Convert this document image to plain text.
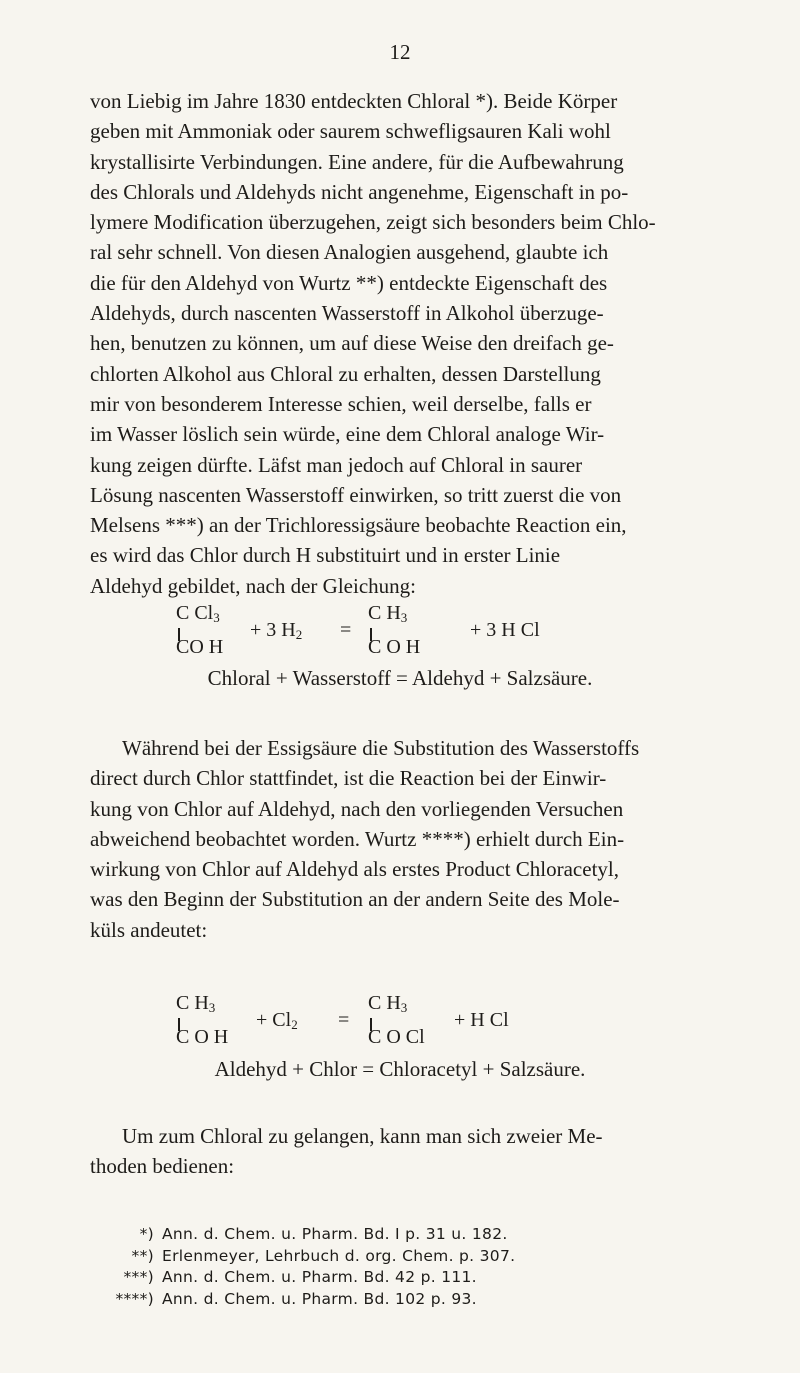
12
von Liebig im Jahre 1830 entdeckten Chloral *). Beide Körper
geben mit Ammoniak oder saurem schwefligsauren Kali wohl
krystallisirte Verbindungen. Eine andere, für die Aufbewahrung
des Chlorals und Aldehyds nicht angenehme, Eigenschaft in po-
lymere Modification überzugehen, zeigt sich besonders beim Chlo-
ral sehr schnell. Von diesen Analogien ausgehend, glaubte ich
die für den Aldehyd von Wurtz **) entdeckte Eigenschaft des
Aldehyds, durch nascenten Wasserstoff in Alkohol überzuge-
hen, benutzen zu können, um auf diese Weise den dreifach ge-
chlorten Alkohol aus Chloral zu erhalten, dessen Darstellung
mir von besonderem Interesse schien, weil derselbe, falls er
im Wasser löslich sein würde, eine dem Chloral analoge Wir-
kung zeigen dürfte. Läfst man jedoch auf Chloral in saurer
Lösung nascenten Wasserstoff einwirken, so tritt zuerst die von
Melsens ***) an der Trichloressigsäure beobachte Reaction ein,
es wird das Chlor durch H substituirt und in erster Linie
Aldehyd gebildet, nach der Gleichung:
C $Cl_3$
CO H
+ 3 $H_2$ =
C $H_3$
C O H
+ 3 H Cl
Chloral + Wasserstoff = Aldehyd + Salzsäure.
Während bei der Essigsäure die Substitution des Wasserstoffs
direct durch Chlor stattfindet, ist die Reaction bei der Einwir-
kung von Chlor auf Aldehyd, nach den vorliegenden Versuchen
abweichend beobachtet worden. Wurtz ****) erhielt durch Ein-
wirkung von Chlor auf Aldehyd als erstes Product Chloracetyl,
was den Beginn der Substitution an der andern Seite des Mole-
küls andeutet:
C $H_3$
C O H
+ $Cl_2$ =
C $H_3$
C O Cl
+ H Cl
Aldehyd + Chlor = Chloracetyl + Salzsäure.
Um zum Chloral zu gelangen, kann man sich zweier Me-
thoden bedienen:
*) Ann. d. Chem. u. Pharm. Bd. I p. 31 u. 182.
**) Erlenmeyer, Lehrbuch d. org. Chem. p. 307.
***) Ann. d. Chem. u. Pharm. Bd. 42 p. 111.
****) Ann. d. Chem. u. Pharm. Bd. 102 p. 93.
